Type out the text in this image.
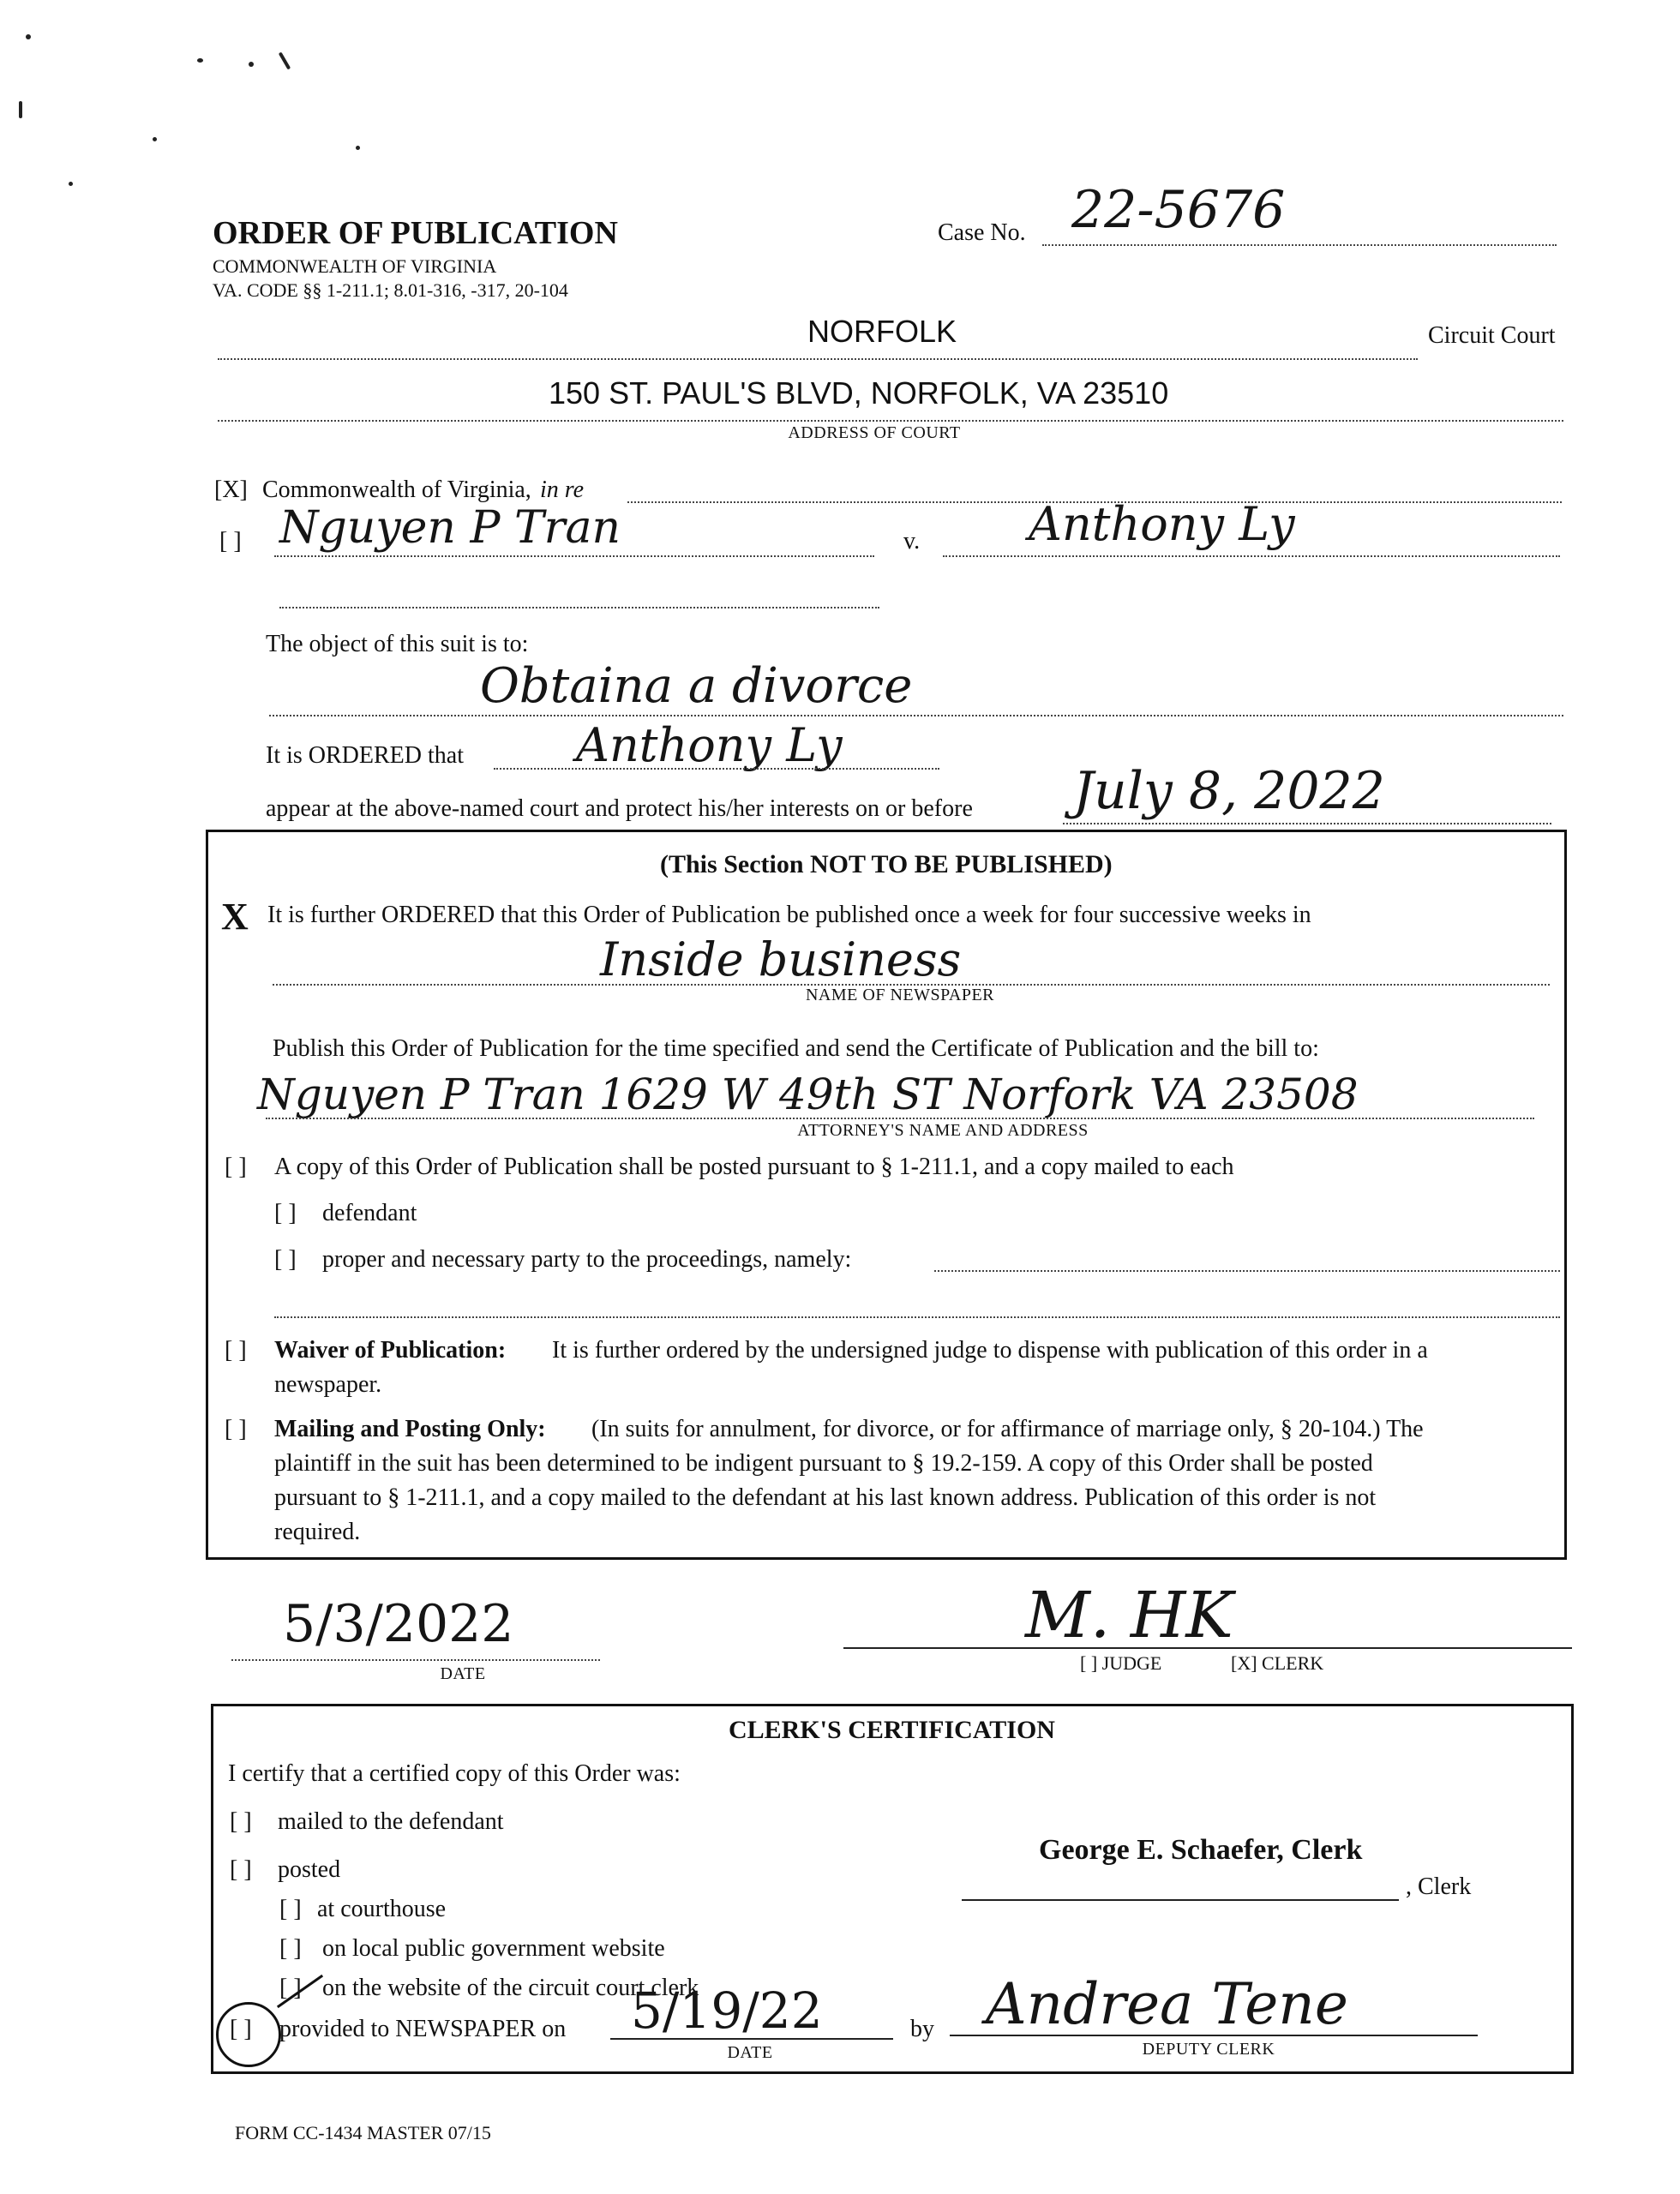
ORDER OF PUBLICATION
COMMONWEALTH OF VIRGINIA
VA. CODE §§ 1-211.1; 8.01-316, -317, 20-104
Case No. 22-5676
NORFOLK	Circuit Court
150 ST. PAUL'S BLVD, NORFOLK, VA 23510
ADDRESS OF COURT
[X] Commonwealth of Virginia, in re
[ ] Nguyen P Tran	v. Anthony Ly
The object of this suit is to:
Obtaina a divorce
It is ORDERED that Anthony Ly
appear at the above-named court and protect his/her interests on or before July 8, 2022
(This Section NOT TO BE PUBLISHED)
X It is further ORDERED that this Order of Publication be published once a week for four successive weeks in
Inside business
NAME OF NEWSPAPER
Publish this Order of Publication for the time specified and send the Certificate of Publication and the bill to:
Nguyen P Tran 1629 W 49th ST Norfork VA 23508
ATTORNEY'S NAME AND ADDRESS
[ ] A copy of this Order of Publication shall be posted pursuant to § 1-211.1, and a copy mailed to each
[ ] defendant
[ ] proper and necessary party to the proceedings, namely:
[ ] Waiver of Publication: It is further ordered by the undersigned judge to dispense with publication of this order in a
newspaper.
[ ] Mailing and Posting Only: (In suits for annulment, for divorce, or for affirmance of marriage only, § 20-104.) The
plaintiff in the suit has been determined to be indigent pursuant to § 19.2-159. A copy of this Order shall be posted
pursuant to § 1-211.1, and a copy mailed to the defendant at his last known address. Publication of this order is not
required.
5/3/2022
DATE
M. HK
[ ] JUDGE	[X] CLERK
CLERK'S CERTIFICATION
I certify that a certified copy of this Order was:
[ ] mailed to the defendant
[ ] posted
[ ] at courthouse
[ ] on local public government website
[ ] on the website of the circuit court clerk
[ ] provided to NEWSPAPER on 5/19/22
DATE
by Andrea Tene
DEPUTY CLERK
George E. Schaefer, Clerk
, Clerk
FORM CC-1434 MASTER 07/15
